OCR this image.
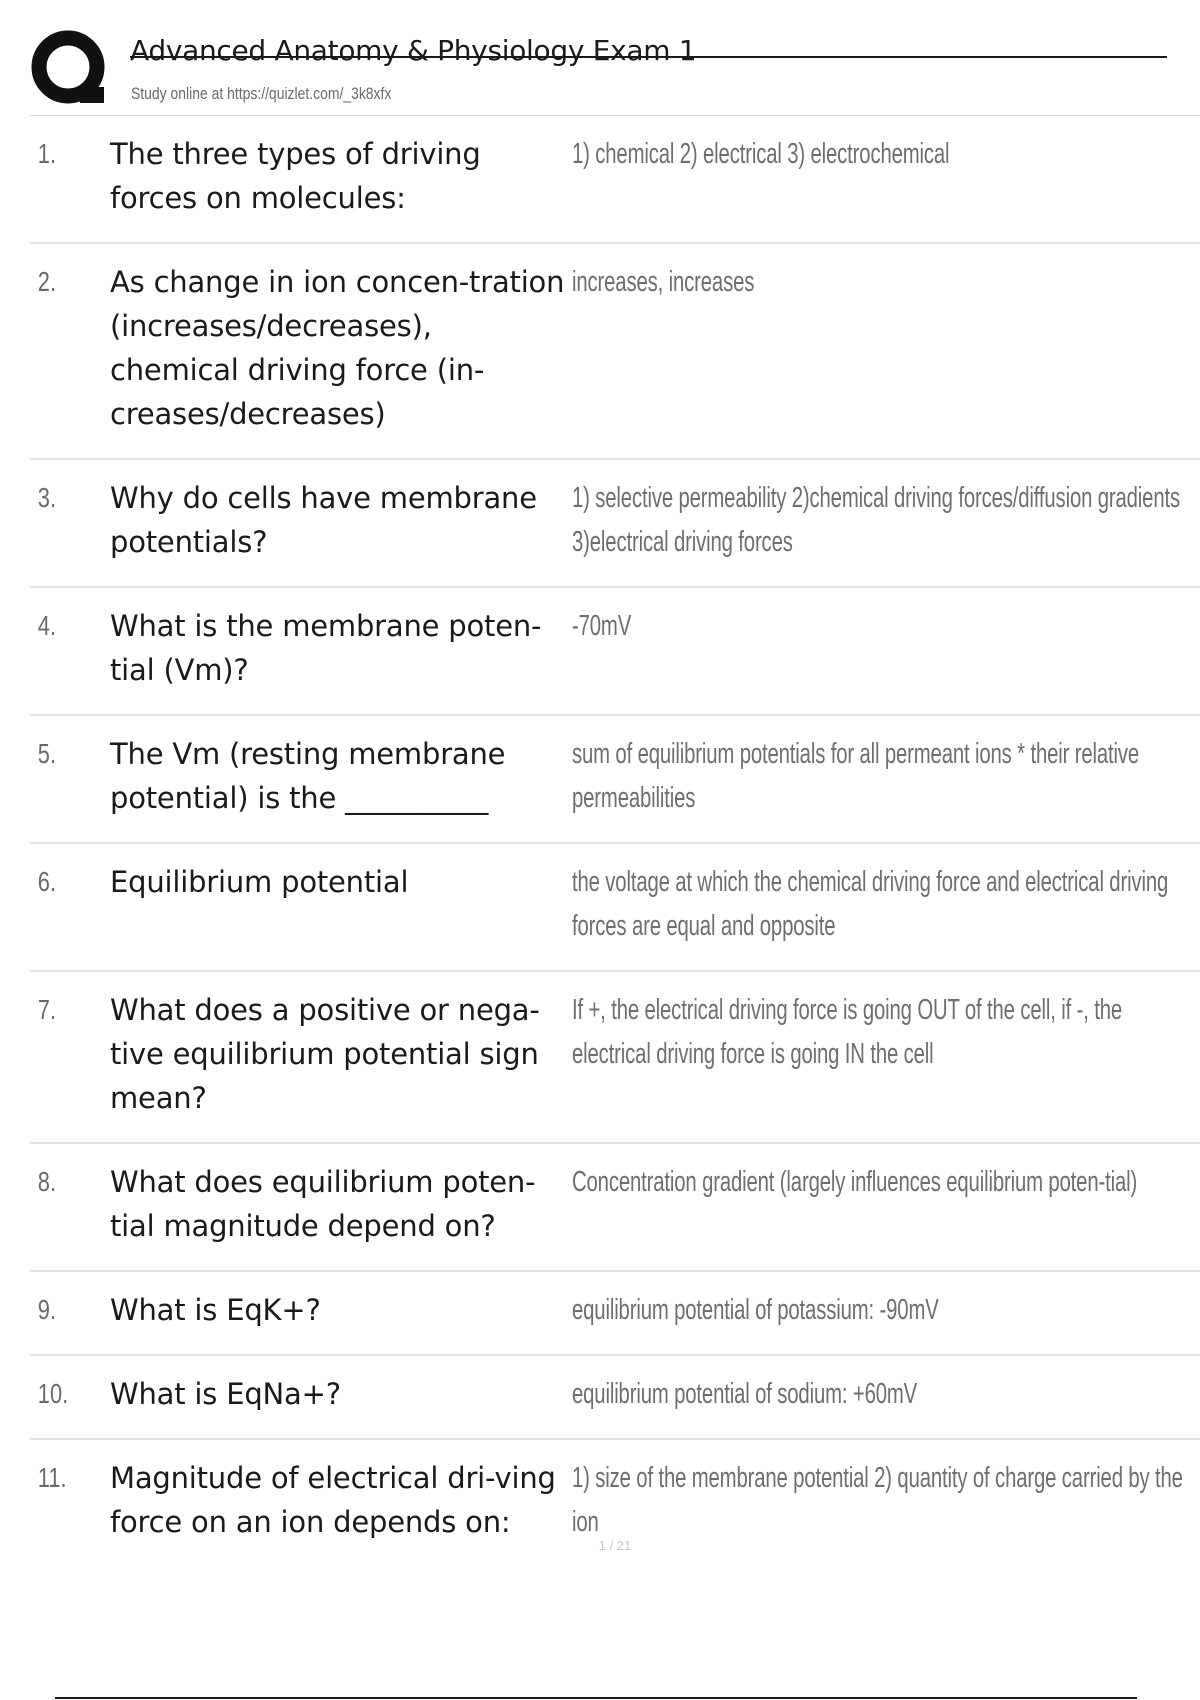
Advanced Anatomy & Physiology Exam 1
Study online at https://quizlet.com/_3k8xfx
1.	The three types of driving forces on molecules:
1) chemical 2) electrical 3) electrochemical
2.	As change in ion concen-tration (increases/decreases), chemical driving force (in-creases/decreases)
increases, increases
3.	Why do cells have membrane potentials?
1) selective permeability 2)chemical driving forces/diffusion gradients 3)electrical driving forces
4.	What is the membrane poten-tial (Vm)?
-70mV
5.	The Vm (resting membrane potential) is the __________
sum of equilibrium potentials for all permeant ions * their relative permeabilities
6.	Equilibrium potential	the voltage at which the chemical driving force and electrical driving forces are equal and opposite
7.	What does a positive or nega-tive equilibrium potential sign mean?
If +, the electrical driving force is going OUT of the cell, if -, the electrical driving force is going IN the cell
8.	What does equilibrium poten-tial magnitude depend on?
Concentration gradient (largely influences equilibrium poten-tial)
9.	What is EqK+?	equilibrium potential of potassium: -90mV
10.	What is EqNa+?	equilibrium potential of sodium: +60mV
11.	Magnitude of electrical dri-ving force on an ion depends on:
1) size of the membrane potential 2) quantity of charge carried by the ion
1 / 21
